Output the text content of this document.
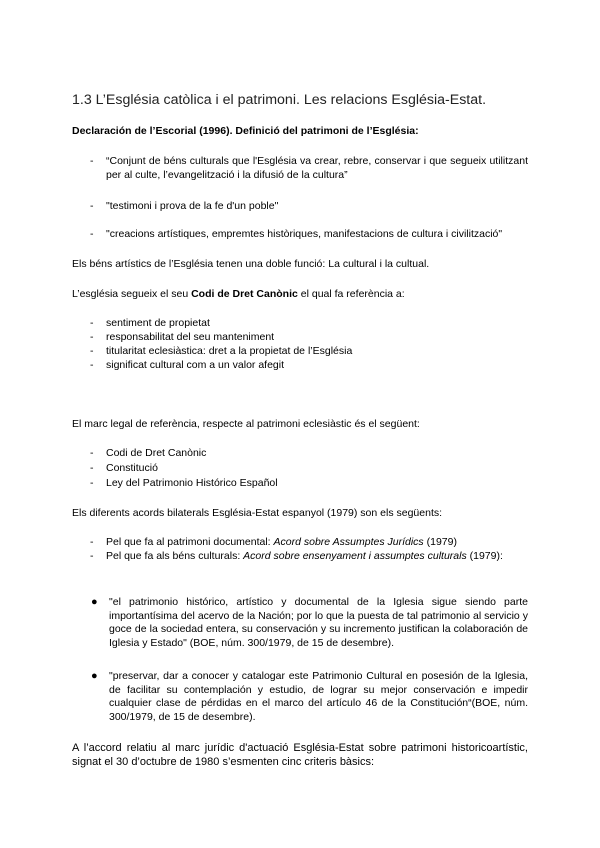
1.3 L’Església catòlica i el patrimoni. Les relacions Església-Estat.
Declaración de l’Escorial (1996). Definició del patrimoni de l’Església:
- “Conjunt de béns culturals que l'Església va crear, rebre, conservar i que segueix utilitzant per al culte, l’evangelització i la difusió de la cultura”
- "testimoni i prova de la fe d'un poble"
- "creacions artístiques, empremtes històriques, manifestacions de cultura i civilització"
Els béns artístics de l’Església tenen una doble funció: La cultural i la cultual.
L’església segueix el seu Codi de Dret Canònic el qual fa referència a:
- sentiment de propietat
- responsabilitat del seu manteniment
- titularitat eclesiàstica: dret a la propietat de l’Església
- significat cultural com a un valor afegit
El marc legal de referència, respecte al patrimoni eclesiàstic és el següent:
- Codi de Dret Canònic
- Constitució
- Ley del Patrimonio Histórico Español
Els diferents acords bilaterals Església-Estat espanyol (1979) son els següents:
- Pel que fa al patrimoni documental: Acord sobre Assumptes Jurídics (1979)
- Pel que fa als béns culturals: Acord sobre ensenyament i assumptes culturals (1979):
● "el patrimonio histórico, artístico y documental de la Iglesia sigue siendo parte importantísima del acervo de la Nación; por lo que la puesta de tal patrimonio al servicio y goce de la sociedad entera, su conservación y su incremento justifican la colaboración de Iglesia y Estado" (BOE, núm. 300/1979, de 15 de desembre).
● "preservar, dar a conocer y catalogar este Patrimonio Cultural en posesión de la Iglesia, de facilitar su contemplación y estudio, de lograr su mejor conservación e impedir cualquier clase de pérdidas en el marco del artículo 46 de la Constitución“(BOE, núm. 300/1979, de 15 de desembre).
A l’accord relatiu al marc jurídic d'actuació Església-Estat sobre patrimoni historicoartístic, signat el 30 d’octubre de 1980 s’esmenten cinc criteris bàsics:
